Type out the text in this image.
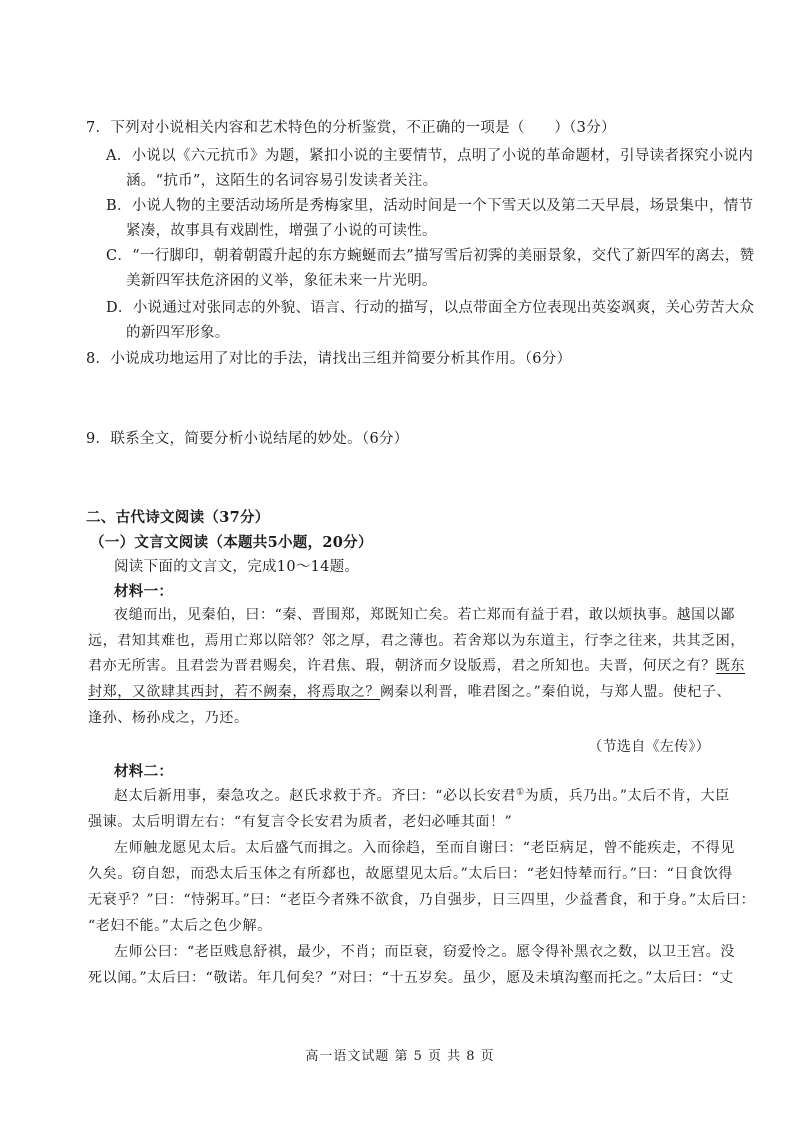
7．下列对小说相关内容和艺术特色的分析鉴赏，不正确的一项是（　　）（3分）
A．小说以《六元抗币》为题，紧扣小说的主要情节，点明了小说的革命题材，引导读者探究小说内
涵。“抗币”，这陌生的名词容易引发读者关注。
B．小说人物的主要活动场所是秀梅家里，活动时间是一个下雪天以及第二天早晨，场景集中，情节
紧凑，故事具有戏剧性，增强了小说的可读性。
C．“一行脚印，朝着朝霞升起的东方蜿蜒而去”描写雪后初霁的美丽景象，交代了新四军的离去，赞
美新四军扶危济困的义举，象征未来一片光明。
D．小说通过对张同志的外貌、语言、行动的描写，以点带面全方位表现出英姿飒爽，关心劳苦大众
的新四军形象。
8．小说成功地运用了对比的手法，请找出三组并简要分析其作用。（6分）
9．联系全文，简要分析小说结尾的妙处。（6分）
二、古代诗文阅读（37分）
（一）文言文阅读（本题共5小题，20分）
阅读下面的文言文，完成10～14题。
材料一：
夜缒而出，见秦伯，曰：“秦、晋围郑，郑既知亡矣。若亡郑而有益于君，敢以烦执事。越国以鄙
远，君知其难也，焉用亡郑以陪邻？邻之厚，君之薄也。若舍郑以为东道主，行李之往来，共其乏困，
君亦无所害。且君尝为晋君赐矣，许君焦、瑕，朝济而夕设版焉，君之所知也。夫晋，何厌之有？既东
封郑，又欲肆其西封，若不阙秦，将焉取之？阙秦以利晋，唯君图之。”秦伯说，与郑人盟。使杞子、
逢孙、杨孙戍之，乃还。
（节选自《左传》）
材料二：
赵太后新用事，秦急攻之。赵氏求救于齐。齐曰：“必以长安君①为质，兵乃出。”太后不肯，大臣
强谏。太后明谓左右：“有复言令长安君为质者，老妇必唾其面！”
左师触龙愿见太后。太后盛气而揖之。入而徐趋，至而自谢曰：“老臣病足，曾不能疾走，不得见
久矣。窃自恕，而恐太后玉体之有所郄也，故愿望见太后。”太后曰：“老妇恃辇而行。”曰：“日食饮得
无衰乎？”曰：“恃粥耳。”曰：“老臣今者殊不欲食，乃自强步，日三四里，少益耆食，和于身。”太后曰：
“老妇不能。”太后之色少解。
左师公曰：“老臣贱息舒祺，最少，不肖；而臣衰，窃爱怜之。愿令得补黑衣之数，以卫王宫。没
死以闻。”太后曰：“敬诺。年几何矣？”对曰：“十五岁矣。虽少，愿及未填沟壑而托之。”太后曰：“丈
高一语文试题 第 5 页 共 8 页
